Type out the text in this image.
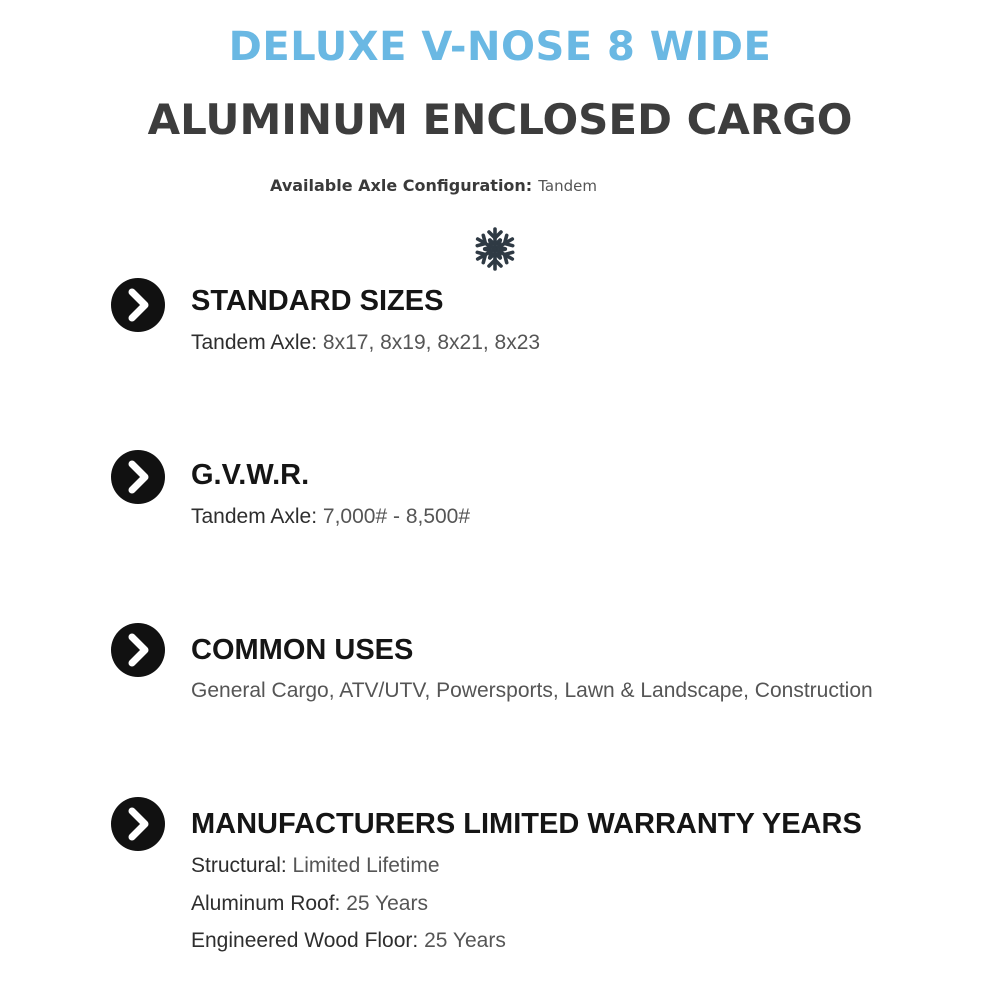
DELUXE V-NOSE 8 WIDE
ALUMINUM ENCLOSED CARGO
Available Axle Configuration: Tandem
STANDARD SIZES
Tandem Axle: 8x17, 8x19, 8x21, 8x23
G.V.W.R.
Tandem Axle: 7,000# - 8,500#
COMMON USES
General Cargo, ATV/UTV, Powersports, Lawn & Landscape, Construction
MANUFACTURERS LIMITED WARRANTY YEARS
Structural: Limited Lifetime
Aluminum Roof: 25 Years
Engineered Wood Floor: 25 Years
